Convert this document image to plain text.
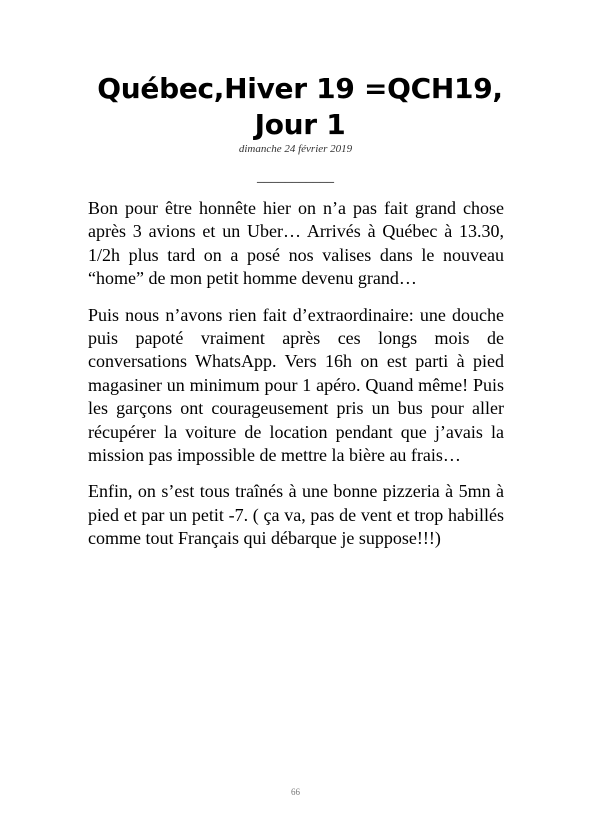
Québec,Hiver 19 =QCH19,
Jour 1
dimanche 24 février 2019
___________

Bon pour être honnête hier on n’a pas fait grand chose après 3 avions et un Uber… Arrivés à Québec à 13.30, 1/2h plus tard on a posé nos valises dans le nouveau “home” de mon petit homme devenu grand…

Puis nous n’avons rien fait d’extraordinaire: une douche puis papoté vraiment après ces longs mois de conversations WhatsApp. Vers 16h on est parti à pied magasiner un minimum pour 1 apéro. Quand même! Puis les garçons ont courageusement pris un bus pour aller récupérer la voiture de location pendant que j’avais la mission pas impossible de mettre la bière au frais…

Enfin, on s’est tous traînés à une bonne pizzeria à 5mn à pied et par un petit -7. ( ça va, pas de vent et trop habillés comme tout Français qui débarque je suppose!!!)

66
